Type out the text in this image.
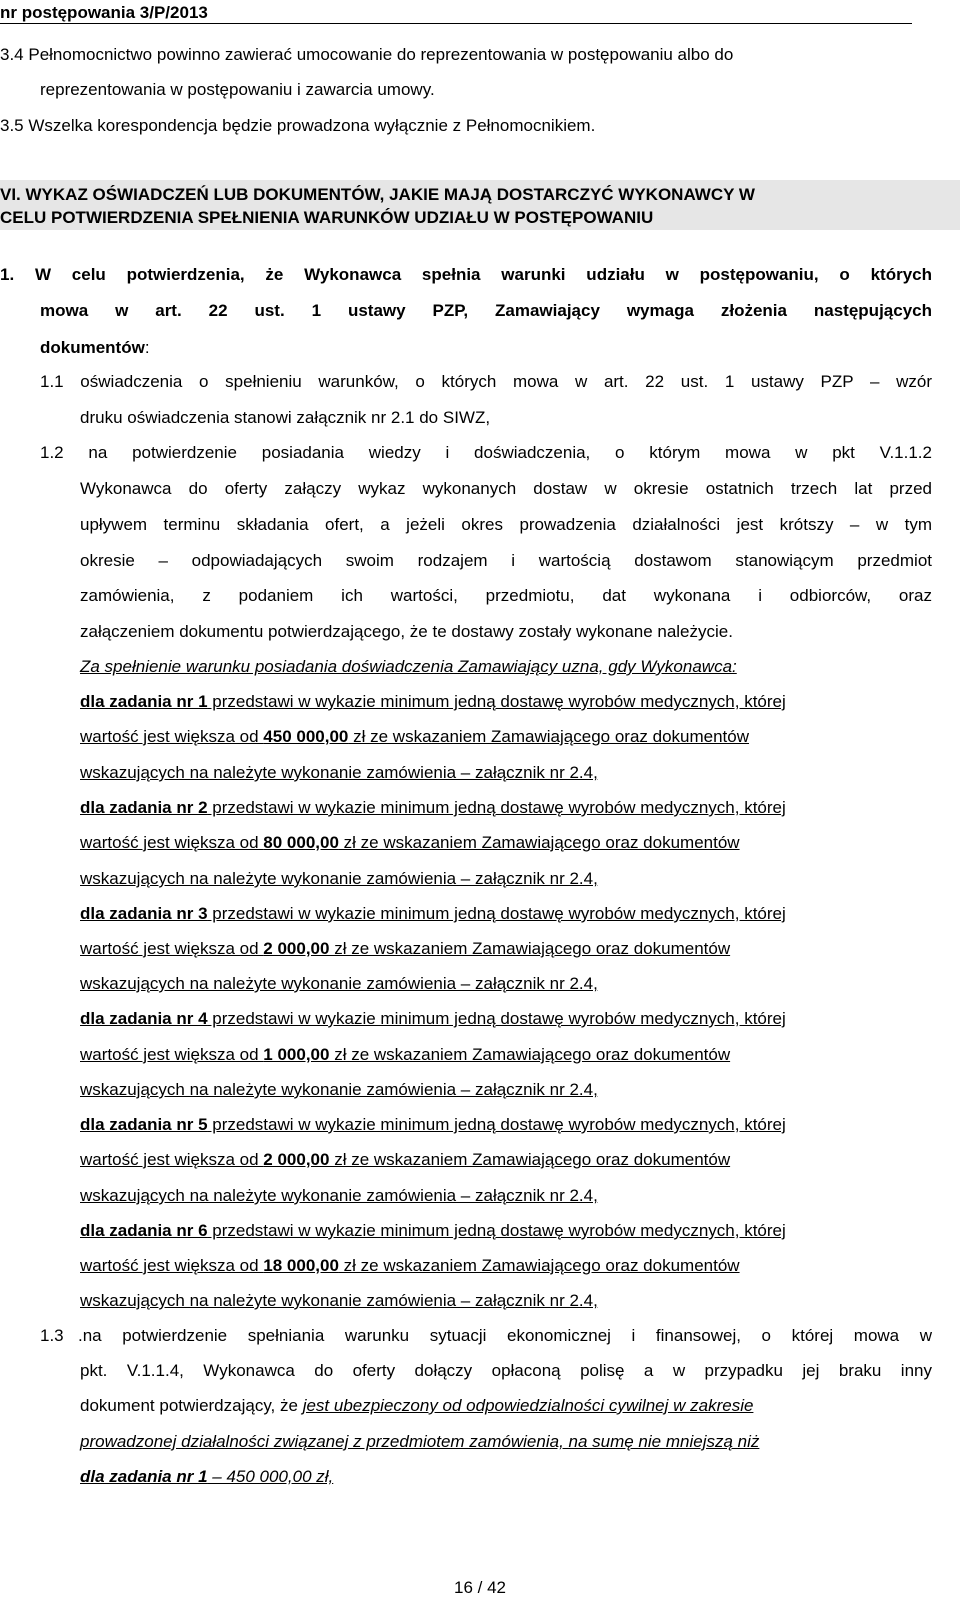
nr postępowania 3/P/2013
3.4 Pełnomocnictwo powinno zawierać umocowanie do reprezentowania w postępowaniu albo do
reprezentowania w postępowaniu i zawarcia umowy.
3.5 Wszelka korespondencja będzie prowadzona wyłącznie z Pełnomocnikiem.
VI. WYKAZ OŚWIADCZEŃ LUB DOKUMENTÓW, JAKIE MAJĄ DOSTARCZYĆ WYKONAWCY W
CELU POTWIERDZENIA SPEŁNIENIA WARUNKÓW UDZIAŁU W POSTĘPOWANIU
1. W celu potwierdzenia, że Wykonawca spełnia warunki udziału w postępowaniu, o których
mowa w art. 22 ust. 1 ustawy PZP, Zamawiający wymaga złożenia następujących
dokumentów:
1.1 oświadczenia o spełnieniu warunków, o których mowa w art. 22 ust. 1 ustawy PZP – wzór
druku oświadczenia stanowi załącznik nr 2.1 do SIWZ,
1.2 na potwierdzenie posiadania wiedzy i doświadczenia, o którym mowa w pkt V.1.1.2
Wykonawca do oferty załączy wykaz wykonanych dostaw w okresie ostatnich trzech lat przed
upływem terminu składania ofert, a jeżeli okres prowadzenia działalności jest krótszy – w tym
okresie – odpowiadających swoim rodzajem i wartością dostawom stanowiącym przedmiot
zamówienia, z podaniem ich wartości, przedmiotu, dat wykonana i odbiorców, oraz
załączeniem dokumentu potwierdzającego, że te dostawy zostały wykonane należycie.
Za spełnienie warunku posiadania doświadczenia Zamawiający uzna, gdy Wykonawca:
dla zadania nr 1 przedstawi w wykazie minimum jedną dostawę wyrobów medycznych, której
wartość jest większa od 450 000,00 zł ze wskazaniem Zamawiającego oraz dokumentów
wskazujących na należyte wykonanie zamówienia – załącznik nr 2.4,
dla zadania nr 2 przedstawi w wykazie minimum jedną dostawę wyrobów medycznych, której
wartość jest większa od 80 000,00 zł ze wskazaniem Zamawiającego oraz dokumentów
wskazujących na należyte wykonanie zamówienia – załącznik nr 2.4,
dla zadania nr 3 przedstawi w wykazie minimum jedną dostawę wyrobów medycznych, której
wartość jest większa od 2 000,00 zł ze wskazaniem Zamawiającego oraz dokumentów
wskazujących na należyte wykonanie zamówienia – załącznik nr 2.4,
dla zadania nr 4 przedstawi w wykazie minimum jedną dostawę wyrobów medycznych, której
wartość jest większa od 1 000,00 zł ze wskazaniem Zamawiającego oraz dokumentów
wskazujących na należyte wykonanie zamówienia – załącznik nr 2.4,
dla zadania nr 5 przedstawi w wykazie minimum jedną dostawę wyrobów medycznych, której
wartość jest większa od 2 000,00 zł ze wskazaniem Zamawiającego oraz dokumentów
wskazujących na należyte wykonanie zamówienia – załącznik nr 2.4,
dla zadania nr 6 przedstawi w wykazie minimum jedną dostawę wyrobów medycznych, której
wartość jest większa od 18 000,00 zł ze wskazaniem Zamawiającego oraz dokumentów
wskazujących na należyte wykonanie zamówienia – załącznik nr 2.4,
1.3 .na potwierdzenie spełniania warunku sytuacji ekonomicznej i finansowej, o której mowa w
pkt. V.1.1.4, Wykonawca do oferty dołączy opłaconą polisę a w przypadku jej braku inny
dokument potwierdzający, że jest ubezpieczony od odpowiedzialności cywilnej w zakresie
prowadzonej działalności związanej z przedmiotem zamówienia, na sumę nie mniejszą niż
dla zadania nr 1 – 450 000,00 zł,
16 / 42
